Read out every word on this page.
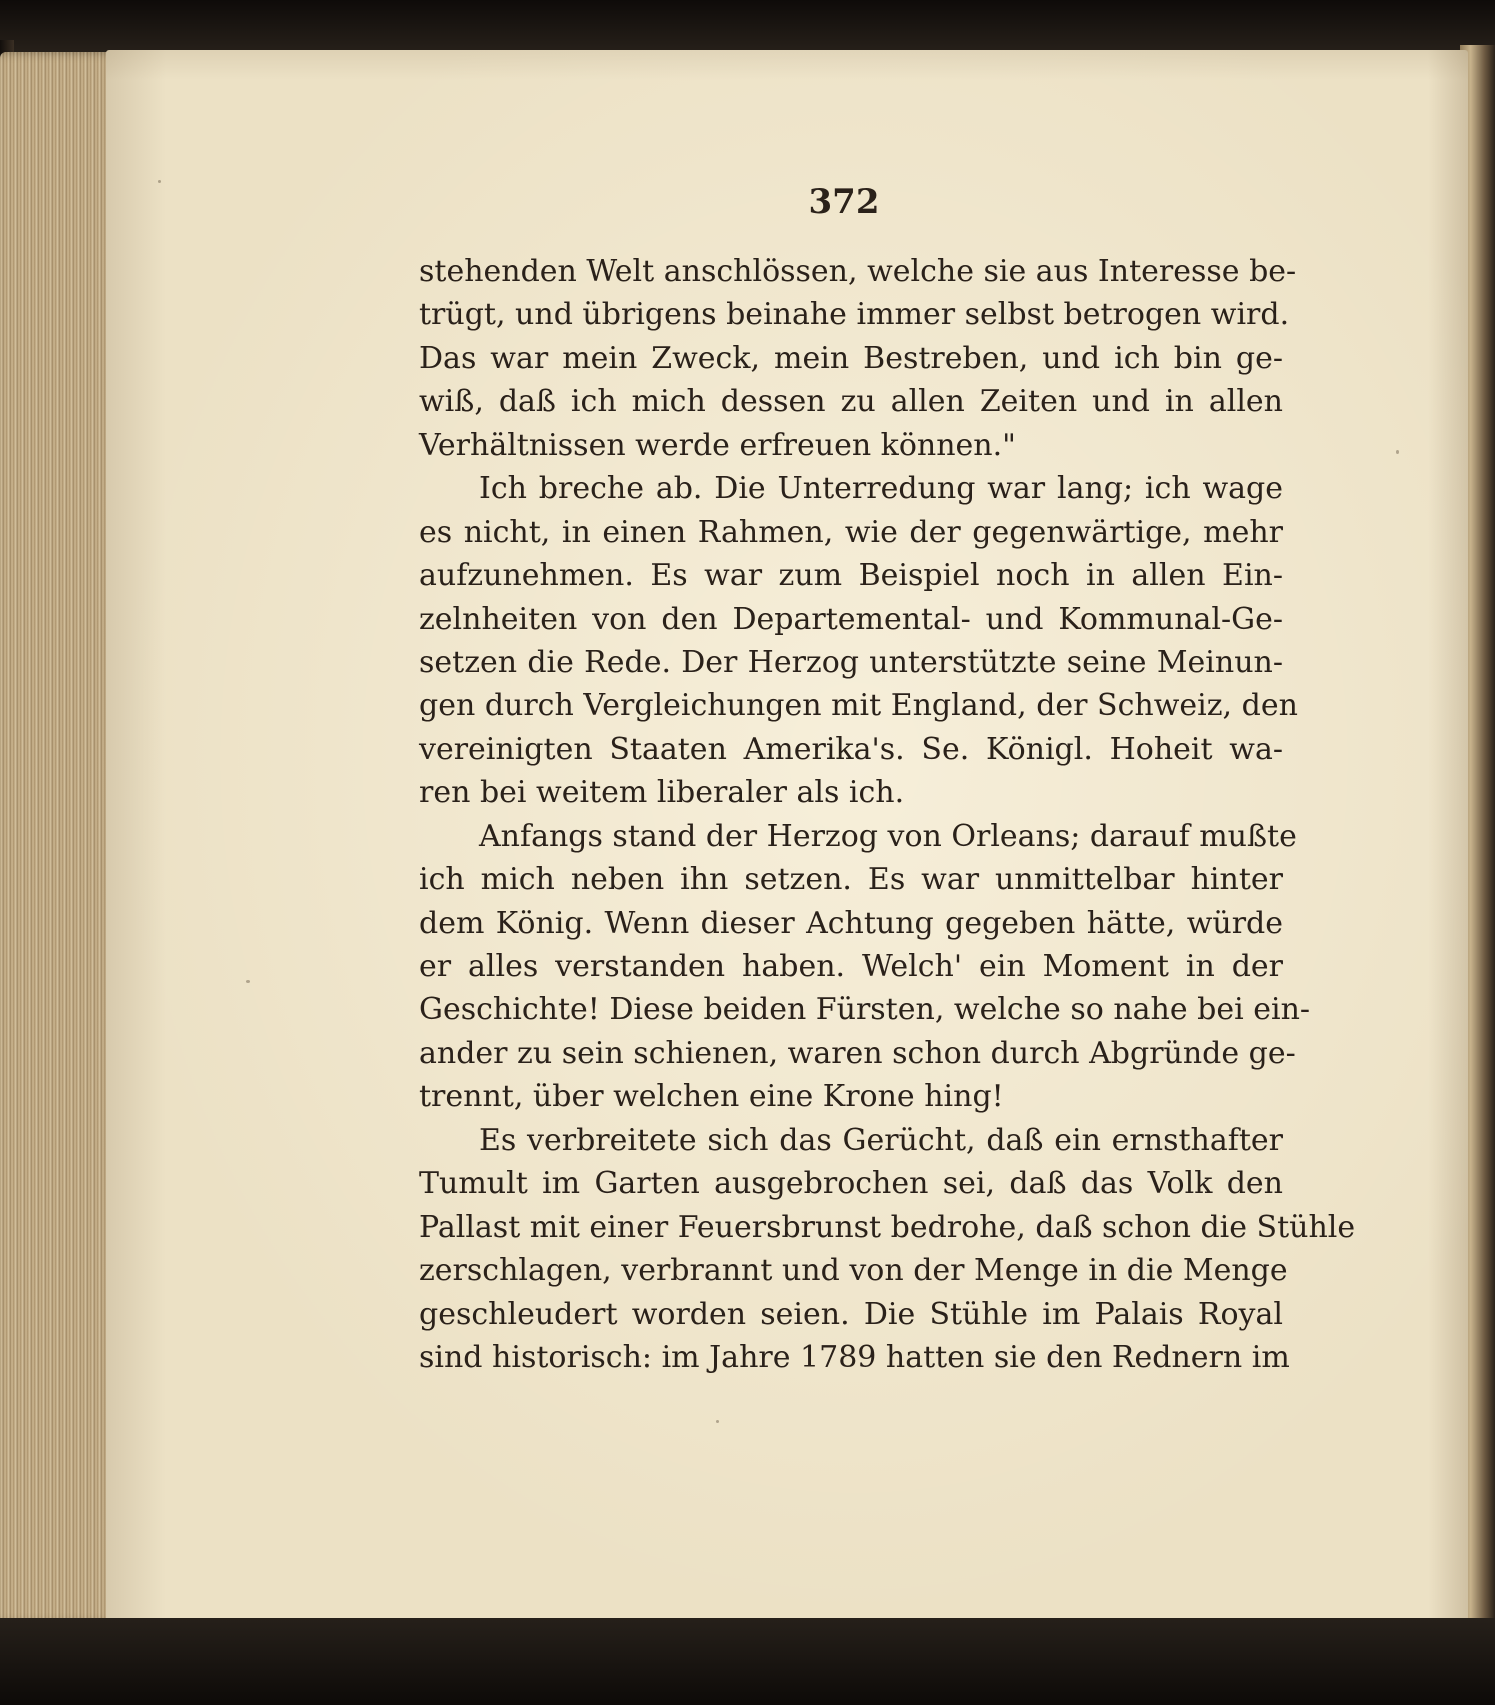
372

stehenden Welt anschlössen, welche sie aus Interesse be-
trügt, und übrigens beinahe immer selbst betrogen wird.
Das war mein Zweck, mein Bestreben, und ich bin ge-
wiß, daß ich mich dessen zu allen Zeiten und in allen
Verhältnissen werde erfreuen können."
Ich breche ab. Die Unterredung war lang; ich wage
es nicht, in einen Rahmen, wie der gegenwärtige, mehr
aufzunehmen. Es war zum Beispiel noch in allen Ein-
zelnheiten von den Departemental- und Kommunal-Ge-
setzen die Rede. Der Herzog unterstützte seine Meinun-
gen durch Vergleichungen mit England, der Schweiz, den
vereinigten Staaten Amerika's. Se. Königl. Hoheit wa-
ren bei weitem liberaler als ich.
Anfangs stand der Herzog von Orleans; darauf mußte
ich mich neben ihn setzen. Es war unmittelbar hinter
dem König. Wenn dieser Achtung gegeben hätte, würde
er alles verstanden haben. Welch' ein Moment in der
Geschichte! Diese beiden Fürsten, welche so nahe bei ein-
ander zu sein schienen, waren schon durch Abgründe ge-
trennt, über welchen eine Krone hing!
Es verbreitete sich das Gerücht, daß ein ernsthafter
Tumult im Garten ausgebrochen sei, daß das Volk den
Pallast mit einer Feuersbrunst bedrohe, daß schon die Stühle
zerschlagen, verbrannt und von der Menge in die Menge
geschleudert worden seien. Die Stühle im Palais Royal
sind historisch: im Jahre 1789 hatten sie den Rednern im
